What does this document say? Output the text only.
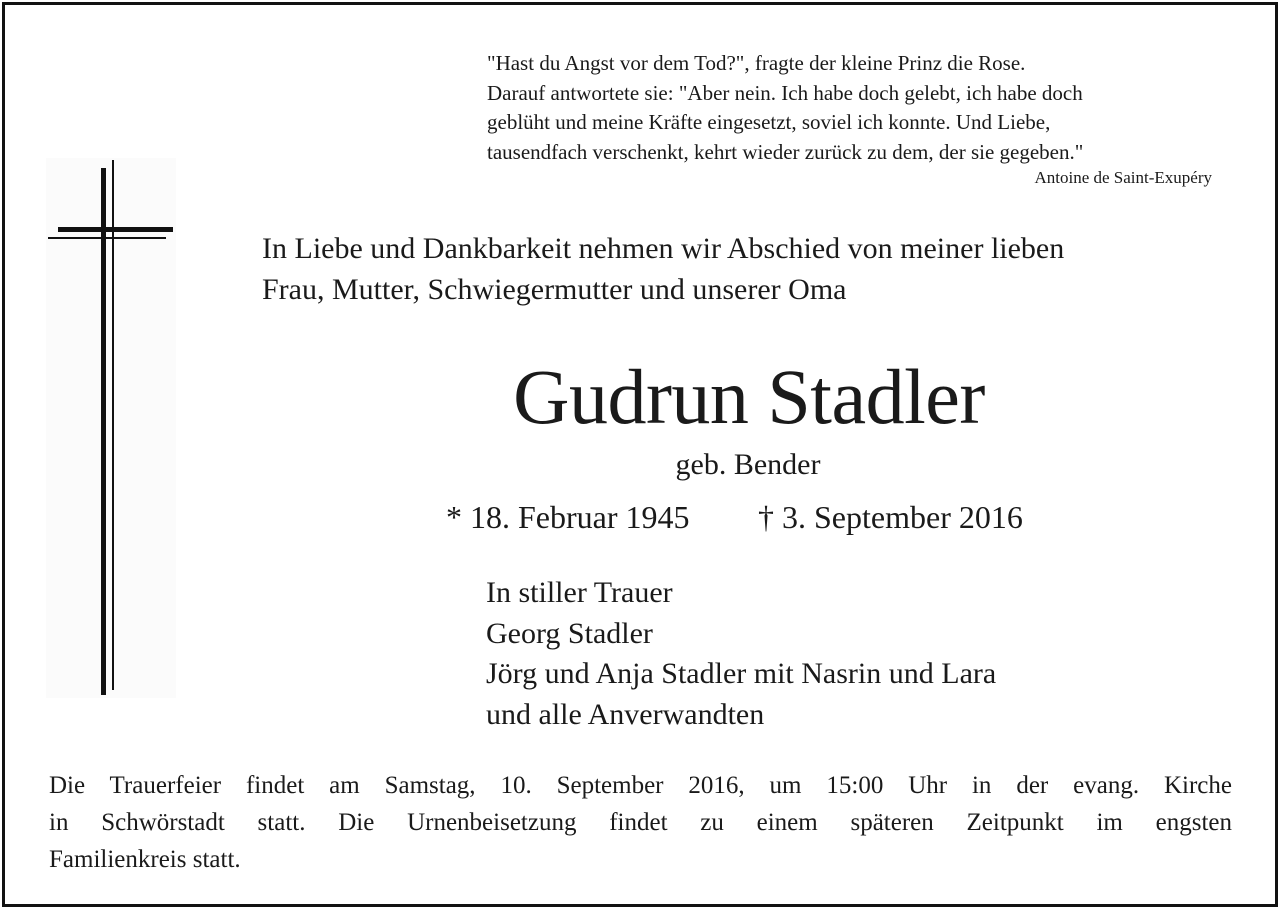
"Hast du Angst vor dem Tod?", fragte der kleine Prinz die Rose.
Darauf antwortete sie: "Aber nein. Ich habe doch gelebt, ich habe doch
geblüht und meine Kräfte eingesetzt, soviel ich konnte. Und Liebe,
tausendfach verschenkt, kehrt wieder zurück zu dem, der sie gegeben."
Antoine de Saint-Exupéry
In Liebe und Dankbarkeit nehmen wir Abschied von meiner lieben
Frau, Mutter, Schwiegermutter und unserer Oma
Gudrun Stadler
geb. Bender
* 18. Februar 1945 † 3. September 2016
In stiller Trauer
Georg Stadler
Jörg und Anja Stadler mit Nasrin und Lara
und alle Anverwandten
Die Trauerfeier findet am Samstag, 10. September 2016, um 15:00 Uhr in der evang. Kirche
in Schwörstadt statt. Die Urnenbeisetzung findet zu einem späteren Zeitpunkt im engsten
Familienkreis statt.
